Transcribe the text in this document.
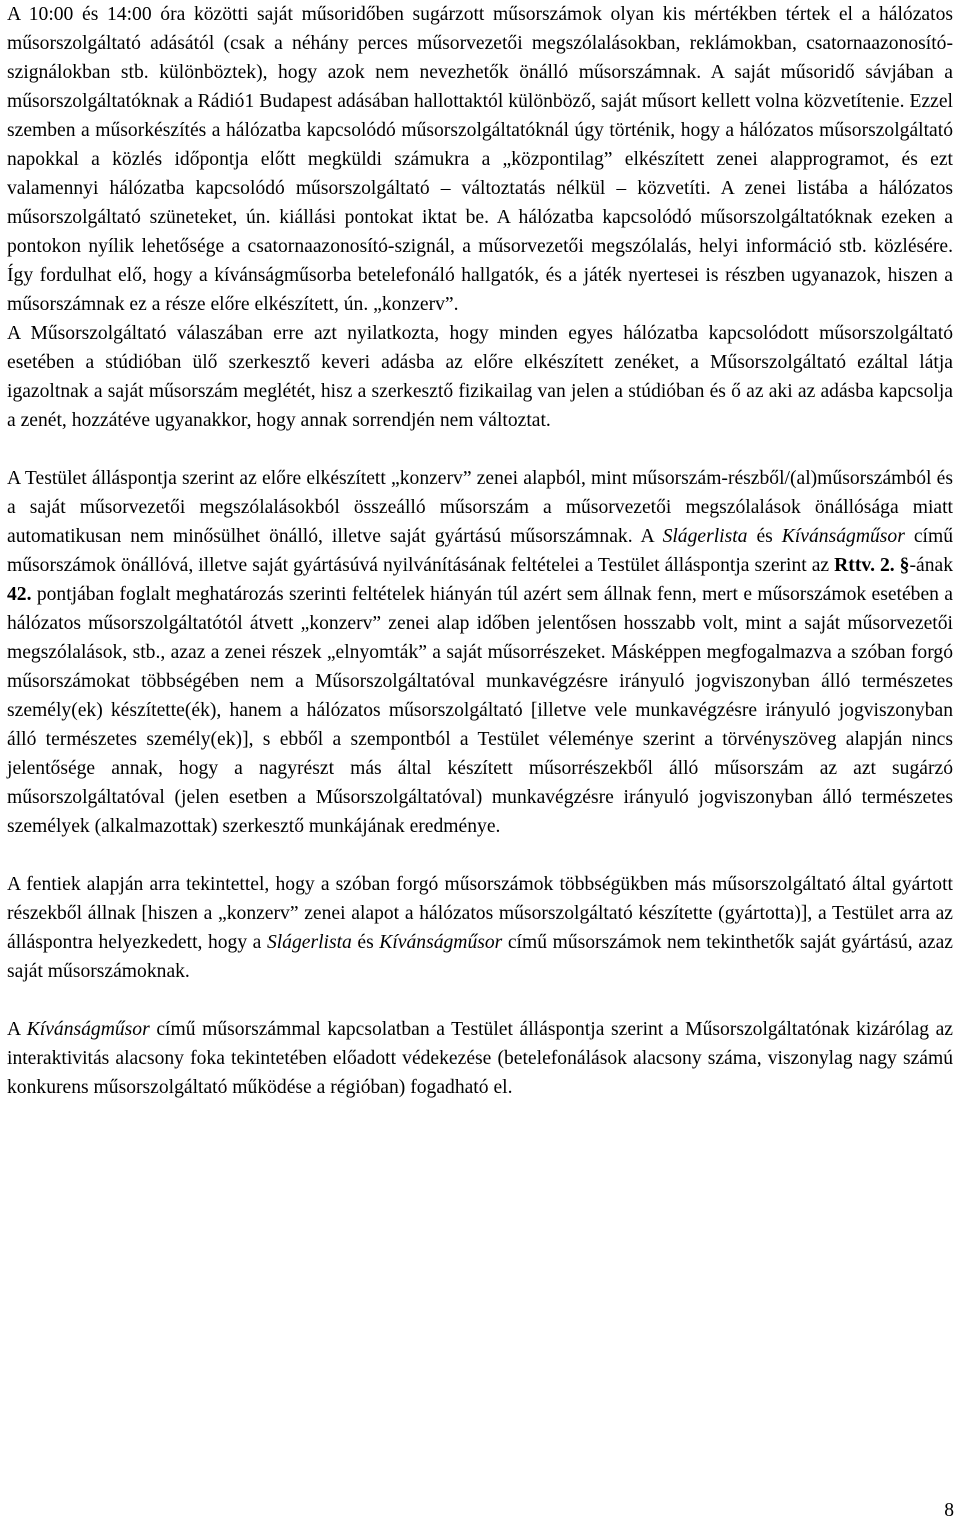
A 10:00 és 14:00 óra közötti saját műsoridőben sugárzott műsorszámok olyan kis mértékben tértek el a hálózatos műsorszolgáltató adásától (csak a néhány perces műsorvezetői megszólalásokban, reklámokban, csatornaazonosító-szignálokban stb. különböztek), hogy azok nem nevezhetők önálló műsorszámnak. A saját műsoridő sávjában a műsorszolgáltatóknak a Rádió1 Budapest adásában hallottaktól különböző, saját műsort kellett volna közvetítenie. Ezzel szemben a műsorkészítés a hálózatba kapcsolódó műsorszolgáltatóknál úgy történik, hogy a hálózatos műsorszolgáltató napokkal a közlés időpontja előtt megküldi számukra a „központilag” elkészített zenei alapprogramot, és ezt valamennyi hálózatba kapcsolódó műsorszolgáltató – változtatás nélkül – közvetíti. A zenei listába a hálózatos műsorszolgáltató szüneteket, ún. kiállási pontokat iktat be. A hálózatba kapcsolódó műsorszolgáltatóknak ezeken a pontokon nyílik lehetősége a csatornaazonosító-szignál, a műsorvezetői megszólalás, helyi információ stb. közlésére. Így fordulhat elő, hogy a kívánságműsorba betelefonáló hallgatók, és a játék nyertesei is részben ugyanazok, hiszen a műsorszámnak ez a része előre elkészített, ún. „konzerv”.

A Műsorszolgáltató válaszában erre azt nyilatkozta, hogy minden egyes hálózatba kapcsolódott műsorszolgáltató esetében a stúdióban ülő szerkesztő keveri adásba az előre elkészített zenéket, a Műsorszolgáltató ezáltal látja igazoltnak a saját műsorszám meglétét, hisz a szerkesztő fizikailag van jelen a stúdióban és ő az aki az adásba kapcsolja a zenét, hozzátéve ugyanakkor, hogy annak sorrendjén nem változtat.

A Testület álláspontja szerint az előre elkészített „konzerv” zenei alapból, mint műsorszám-részből/(al)műsorszámból és a saját műsorvezetői megszólalásokból összeálló műsorszám a műsorvezetői megszólalások önállósága miatt automatikusan nem minősülhet önálló, illetve saját gyártású műsorszámnak. A Slágerlista és Kívánságműsor című műsorszámok önállóvá, illetve saját gyártásúvá nyilvánításának feltételei a Testület álláspontja szerint az Rttv. 2. §-ának 42. pontjában foglalt meghatározás szerinti feltételek hiányán túl azért sem állnak fenn, mert e műsorszámok esetében a hálózatos műsorszolgáltatótól átvett „konzerv” zenei alap időben jelentősen hosszabb volt, mint a saját műsorvezetői megszólalások, stb., azaz a zenei részek „elnyomták” a saját műsorrészeket. Másképpen megfogalmazva a szóban forgó műsorszámokat többségében nem a Műsorszolgáltatóval munkavégzésre irányuló jogviszonyban álló természetes személy(ek) készítette(ék), hanem a hálózatos műsorszolgáltató [illetve vele munkavégzésre irányuló jogviszonyban álló természetes személy(ek)], s ebből a szempontból a Testület véleménye szerint a törvényszöveg alapján nincs jelentősége annak, hogy a nagyrészt más által készített műsorrészekből álló műsorszám az azt sugárzó műsorszolgáltatóval (jelen esetben a Műsorszolgáltatóval) munkavégzésre irányuló jogviszonyban álló természetes személyek (alkalmazottak) szerkesztő munkájának eredménye.

A fentiek alapján arra tekintettel, hogy a szóban forgó műsorszámok többségükben más műsorszolgáltató által gyártott részekből állnak [hiszen a „konzerv” zenei alapot a hálózatos műsorszolgáltató készítette (gyártotta)], a Testület arra az álláspontra helyezkedett, hogy a Slágerlista és Kívánságműsor című műsorszámok nem tekinthetők saját gyártású, azaz saját műsorszámoknak.

A Kívánságműsor című műsorszámmal kapcsolatban a Testület álláspontja szerint a Műsorszolgáltatónak kizárólag az interaktivitás alacsony foka tekintetében előadott védekezése (betelefonálások alacsony száma, viszonylag nagy számú konkurens műsorszolgáltató működése a régióban) fogadható el.

8
